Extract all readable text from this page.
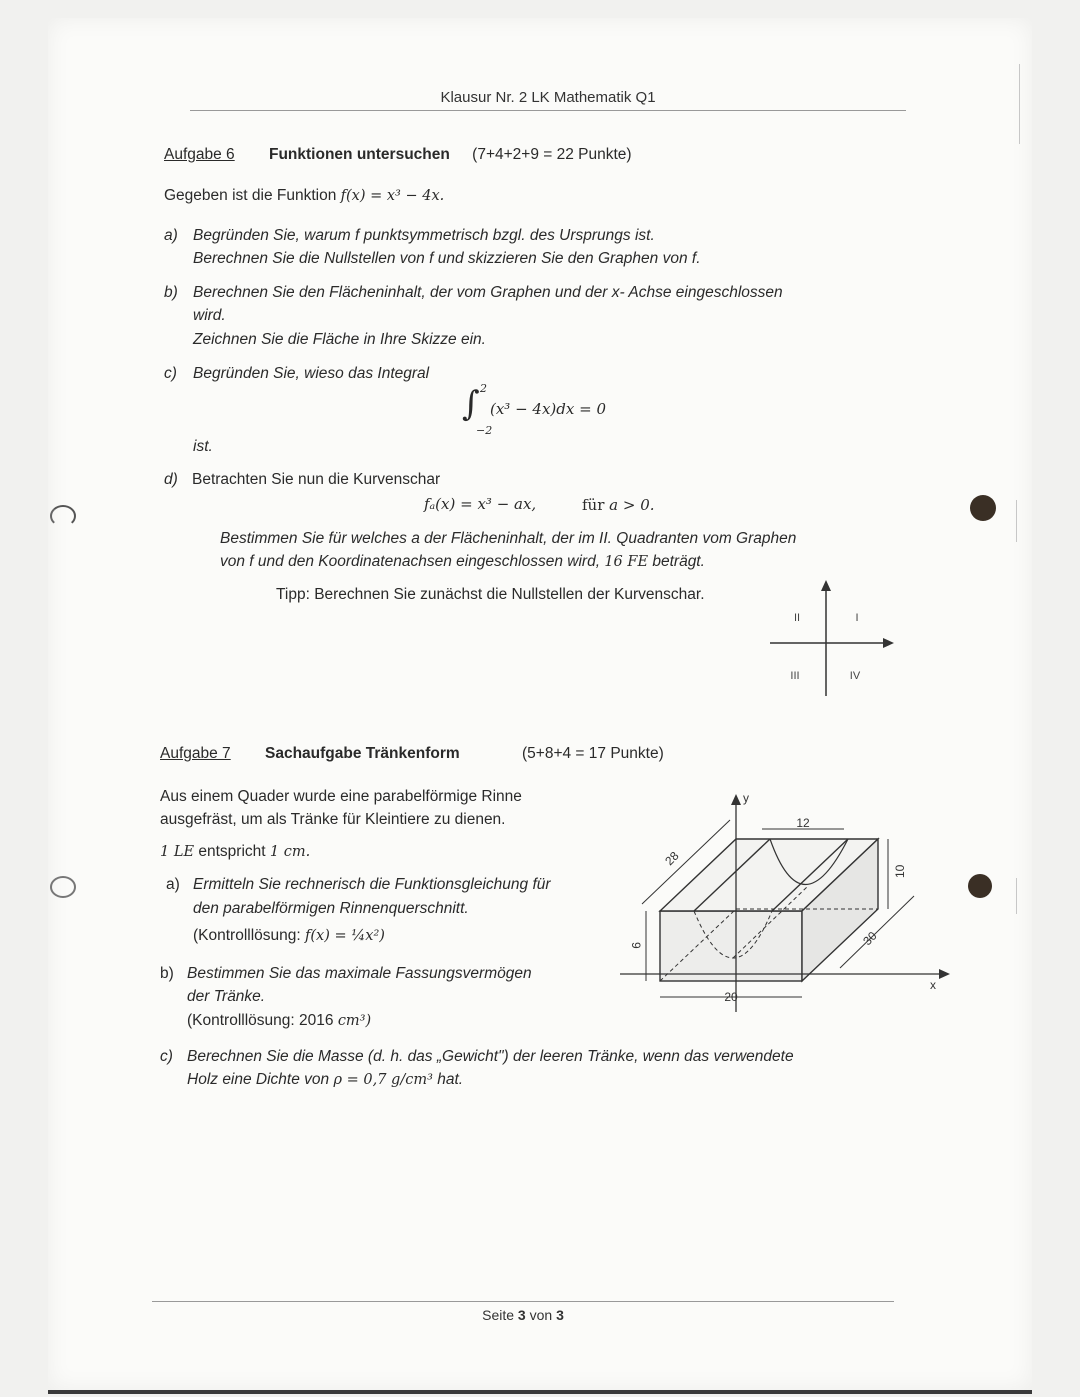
Klausur Nr. 2 LK Mathematik Q1
Aufgabe 6 Funktionen untersuchen (7+4+2+9 = 22 Punkte)
Gegeben ist die Funktion f(x) = x³ − 4x.
a) Begründen Sie, warum f punktsymmetrisch bzgl. des Ursprungs ist.
Berechnen Sie die Nullstellen von f und skizzieren Sie den Graphen von f.
b) Berechnen Sie den Flächeninhalt, der vom Graphen und der x- Achse eingeschlossen
wird.
Zeichnen Sie die Fläche in Ihre Skizze ein.
c)	Begründen Sie, wieso das Integral
∫ 2
−2
(x³ − 4x)dx = 0
ist.
d) Betrachten Sie nun die Kurvenschar
fₐ(x) = x³ − ax,	für a > 0.
Bestimmen Sie für welches a der Flächeninhalt, der im II. Quadranten vom Graphen
von f und den Koordinatenachsen eingeschlossen wird, 16 FE beträgt.
Tipp: Berechnen Sie zunächst die Nullstellen der Kurvenschar.
II	I
III	IV
Aufgabe 7 Sachaufgabe Tränkenform	(5+8+4 = 17 Punkte)
Aus einem Quader wurde eine parabelförmige Rinne
ausgefräst, um als Tränke für Kleintiere zu dienen.
1 LE entspricht 1 cm.
a) Ermitteln Sie rechnerisch die Funktionsgleichung für
den parabelförmigen Rinnenquerschnitt.
(Kontrolllösung: f(x) = ¼x²)
b) Bestimmen Sie das maximale Fassungsvermögen
der Tränke.
(Kontrolllösung: 2016 cm³)
c) Berechnen Sie die Masse (d. h. das „Gewicht") der leeren Tränke, wenn das verwendete
Holz eine Dichte von ρ = 0,7 g/cm³ hat.
y
x
12
28
10
9	30
20
Seite 3 von 3
